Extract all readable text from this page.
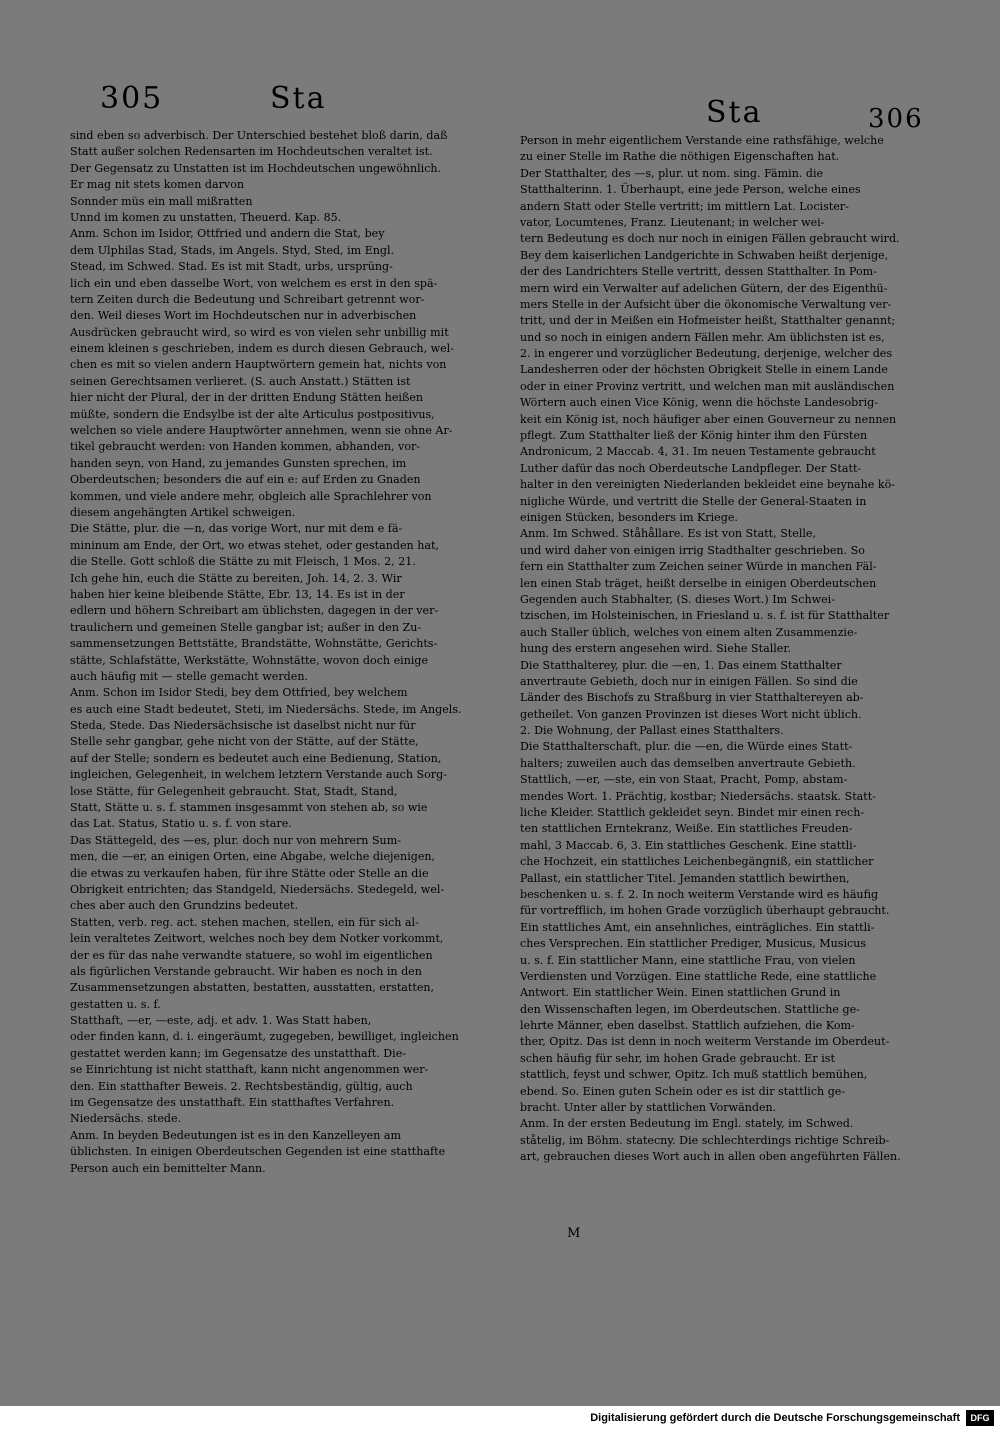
305	Sta	Sta	306
sind eben so adverbisch. Der Unterschied bestehet bloß darin, daß
Statt außer solchen Redensarten im Hochdeutschen veraltet ist.
Der Gegensatz zu Unstatten ist im Hochdeutschen ungewöhnlich.
Er mag nit stets komen darvon
Sonnder müs ein mall mißratten
Unnd im komen zu unstatten, Theuerd. Kap. 85.
Anm. Schon im Isidor, Ottfried und andern die Stat, bey
dem Ulphilas Stad, Stads, im Angels. Styd, Sted, im Engl.
Stead, im Schwed. Stad. Es ist mit Stadt, urbs, ursprüng-
lich ein und eben dasselbe Wort, von welchem es erst in den spä-
tern Zeiten durch die Bedeutung und Schreibart getrennt wor-
den. Weil dieses Wort im Hochdeutschen nur in adverbischen
Ausdrücken gebraucht wird, so wird es von vielen sehr unbillig mit
einem kleinen s geschrieben, indem es durch diesen Gebrauch, wel-
chen es mit so vielen andern Hauptwörtern gemein hat, nichts von
seinen Gerechtsamen verlieret. (S. auch Anstatt.) Stätten ist
hier nicht der Plural, der in der dritten Endung Stätten heißen
müßte, sondern die Endsylbe ist der alte Articulus postpositivus,
welchen so viele andere Hauptwörter annehmen, wenn sie ohne Ar-
tikel gebraucht werden: von Handen kommen, abhanden, vor-
handen seyn, von Hand, zu jemandes Gunsten sprechen, im
Oberdeutschen; besonders die auf ein e: auf Erden zu Gnaden
kommen, und viele andere mehr, obgleich alle Sprachlehrer von
diesem angehängten Artikel schweigen.
Die Stätte, plur. die —n, das vorige Wort, nur mit dem e fä-
mininum am Ende, der Ort, wo etwas stehet, oder gestanden hat,
die Stelle. Gott schloß die Stätte zu mit Fleisch, 1 Mos. 2, 21.
Ich gehe hin, euch die Stätte zu bereiten, Joh. 14, 2. 3. Wir
haben hier keine bleibende Stätte, Ebr. 13, 14. Es ist in der
edlern und höhern Schreibart am üblichsten, dagegen in der ver-
traulichern und gemeinen Stelle gangbar ist; außer in den Zu-
sammensetzungen Bettstätte, Brandstätte, Wohnstätte, Gerichts-
stätte, Schlafstätte, Werkstätte, Wohnstätte, wovon doch einige
auch häufig mit — stelle gemacht werden.
Anm. Schon im Isidor Stedi, bey dem Ottfried, bey welchem
es auch eine Stadt bedeutet, Steti, im Niedersächs. Stede, im Angels.
Steda, Stede. Das Niedersächsische ist daselbst nicht nur für
Stelle sehr gangbar, gehe nicht von der Stätte, auf der Stätte,
auf der Stelle; sondern es bedeutet auch eine Bedienung, Station,
ingleichen, Gelegenheit, in welchem letztern Verstande auch Sorg-
lose Stätte, für Gelegenheit gebraucht. Stat, Stadt, Stand,
Statt, Stätte u. s. f. stammen insgesammt von stehen ab, so wie
das Lat. Status, Statio u. s. f. von stare.
Das Stättegeld, des —es, plur. doch nur von mehrern Sum-
men, die —er, an einigen Orten, eine Abgabe, welche diejenigen,
die etwas zu verkaufen haben, für ihre Stätte oder Stelle an die
Obrigkeit entrichten; das Standgeld, Niedersächs. Stedegeld, wel-
ches aber auch den Grundzins bedeutet.
Statten, verb. reg. act. stehen machen, stellen, ein für sich al-
lein veraltetes Zeitwort, welches noch bey dem Notker vorkommt,
der es für das nahe verwandte statuere, so wohl im eigentlichen
als figürlichen Verstande gebraucht. Wir haben es noch in den
Zusammensetzungen abstatten, bestatten, ausstatten, erstatten,
gestatten u. s. f.
Statthaft, —er, —este, adj. et adv. 1. Was Statt haben,
oder finden kann, d. i. eingeräumt, zugegeben, bewilliget, ingleichen
gestattet werden kann; im Gegensatze des unstatthaft. Die-
se Einrichtung ist nicht statthaft, kann nicht angenommen wer-
den. Ein statthafter Beweis. 2. Rechtsbeständig, gültig, auch
im Gegensatze des unstatthaft. Ein statthaftes Verfahren.
Niedersächs. stede.
Anm. In beyden Bedeutungen ist es in den Kanzelleyen am
üblichsten. In einigen Oberdeutschen Gegenden ist eine statthafte
Person auch ein bemittelter Mann.
Person in mehr eigentlichem Verstande eine rathsfähige, welche
zu einer Stelle im Rathe die nöthigen Eigenschaften hat.
Der Statthalter, des —s, plur. ut nom. sing. Fämin. die
Statthalterinn. 1. Überhaupt, eine jede Person, welche eines
andern Statt oder Stelle vertritt; im mittlern Lat. Locister-
vator, Locumtenes, Franz. Lieutenant; in welcher wei-
tern Bedeutung es doch nur noch in einigen Fällen gebraucht wird.
Bey dem kaiserlichen Landgerichte in Schwaben heißt derjenige,
der des Landrichters Stelle vertritt, dessen Statthalter. In Pom-
mern wird ein Verwalter auf adelichen Gütern, der des Eigenthü-
mers Stelle in der Aufsicht über die ökonomische Verwaltung ver-
tritt, und der in Meißen ein Hofmeister heißt, Statthalter genannt;
und so noch in einigen andern Fällen mehr. Am üblichsten ist es,
2. in engerer und vorzüglicher Bedeutung, derjenige, welcher des
Landesherren oder der höchsten Obrigkeit Stelle in einem Lande
oder in einer Provinz vertritt, und welchen man mit ausländischen
Wörtern auch einen Vice König, wenn die höchste Landesobrig-
keit ein König ist, noch häufiger aber einen Gouverneur zu nennen
pflegt. Zum Statthalter ließ der König hinter ihm den Fürsten
Andronicum, 2 Maccab. 4, 31. Im neuen Testamente gebraucht
Luther dafür das noch Oberdeutsche Landpfleger. Der Statt-
halter in den vereinigten Niederlanden bekleidet eine beynahe kö-
nigliche Würde, und vertritt die Stelle der General-Staaten in
einigen Stücken, besonders im Kriege.
Anm. Im Schwed. Ståhållare. Es ist von Statt, Stelle,
und wird daher von einigen irrig Stadthalter geschrieben. So
fern ein Statthalter zum Zeichen seiner Würde in manchen Fäl-
len einen Stab träget, heißt derselbe in einigen Oberdeutschen
Gegenden auch Stabhalter, (S. dieses Wort.) Im Schwei-
tzischen, im Holsteinischen, in Friesland u. s. f. ist für Statthalter
auch Staller üblich, welches von einem alten Zusammenzie-
hung des erstern angesehen wird. Siehe Staller.
Die Statthalterey, plur. die —en, 1. Das einem Statthalter
anvertraute Gebieth, doch nur in einigen Fällen. So sind die
Länder des Bischofs zu Straßburg in vier Statthaltereyen ab-
getheilet. Von ganzen Provinzen ist dieses Wort nicht üblich.
2. Die Wohnung, der Pallast eines Statthalters.
Die Statthalterschaft, plur. die —en, die Würde eines Statt-
halters; zuweilen auch das demselben anvertraute Gebieth.
Stattlich, —er, —ste, ein von Staat, Pracht, Pomp, abstam-
mendes Wort. 1. Prächtig, kostbar; Niedersächs. staatsk. Statt-
liche Kleider. Stattlich gekleidet seyn. Bindet mir einen rech-
ten stattlichen Erntekranz, Weiße. Ein stattliches Freuden-
mahl, 3 Maccab. 6, 3. Ein stattliches Geschenk. Eine stattli-
che Hochzeit, ein stattliches Leichenbegängniß, ein stattlicher
Pallast, ein stattlicher Titel. Jemanden stattlich bewirthen,
beschenken u. s. f. 2. In noch weiterm Verstande wird es häufig
für vortrefflich, im hohen Grade vorzüglich überhaupt gebraucht.
Ein stattliches Amt, ein ansehnliches, einträgliches. Ein stattli-
ches Versprechen. Ein stattlicher Prediger, Musicus, Musicus
u. s. f. Ein stattlicher Mann, eine stattliche Frau, von vielen
Verdiensten und Vorzügen. Eine stattliche Rede, eine stattliche
Antwort. Ein stattlicher Wein. Einen stattlichen Grund in
den Wissenschaften legen, im Oberdeutschen. Stattliche ge-
lehrte Männer, eben daselbst. Stattlich aufziehen, die Kom-
ther, Opitz. Das ist denn in noch weiterm Verstande im Oberdeut-
schen häufig für sehr, im hohen Grade gebraucht. Er ist
stattlich, feyst und schwer, Opitz. Ich muß stattlich bemühen,
ebend. So. Einen guten Schein oder es ist dir stattlich ge-
bracht. Unter aller by stattlichen Vorwänden.
Anm. In der ersten Bedeutung im Engl. stately, im Schwed.
ståtelig, im Böhm. statecny. Die schlechterdings richtige Schreib-
art, gebrauchen dieses Wort auch in allen oben angeführten Fällen.
M
Digitalisierung gefördert durch die Deutsche Forschungsgemeinschaft	DFG
